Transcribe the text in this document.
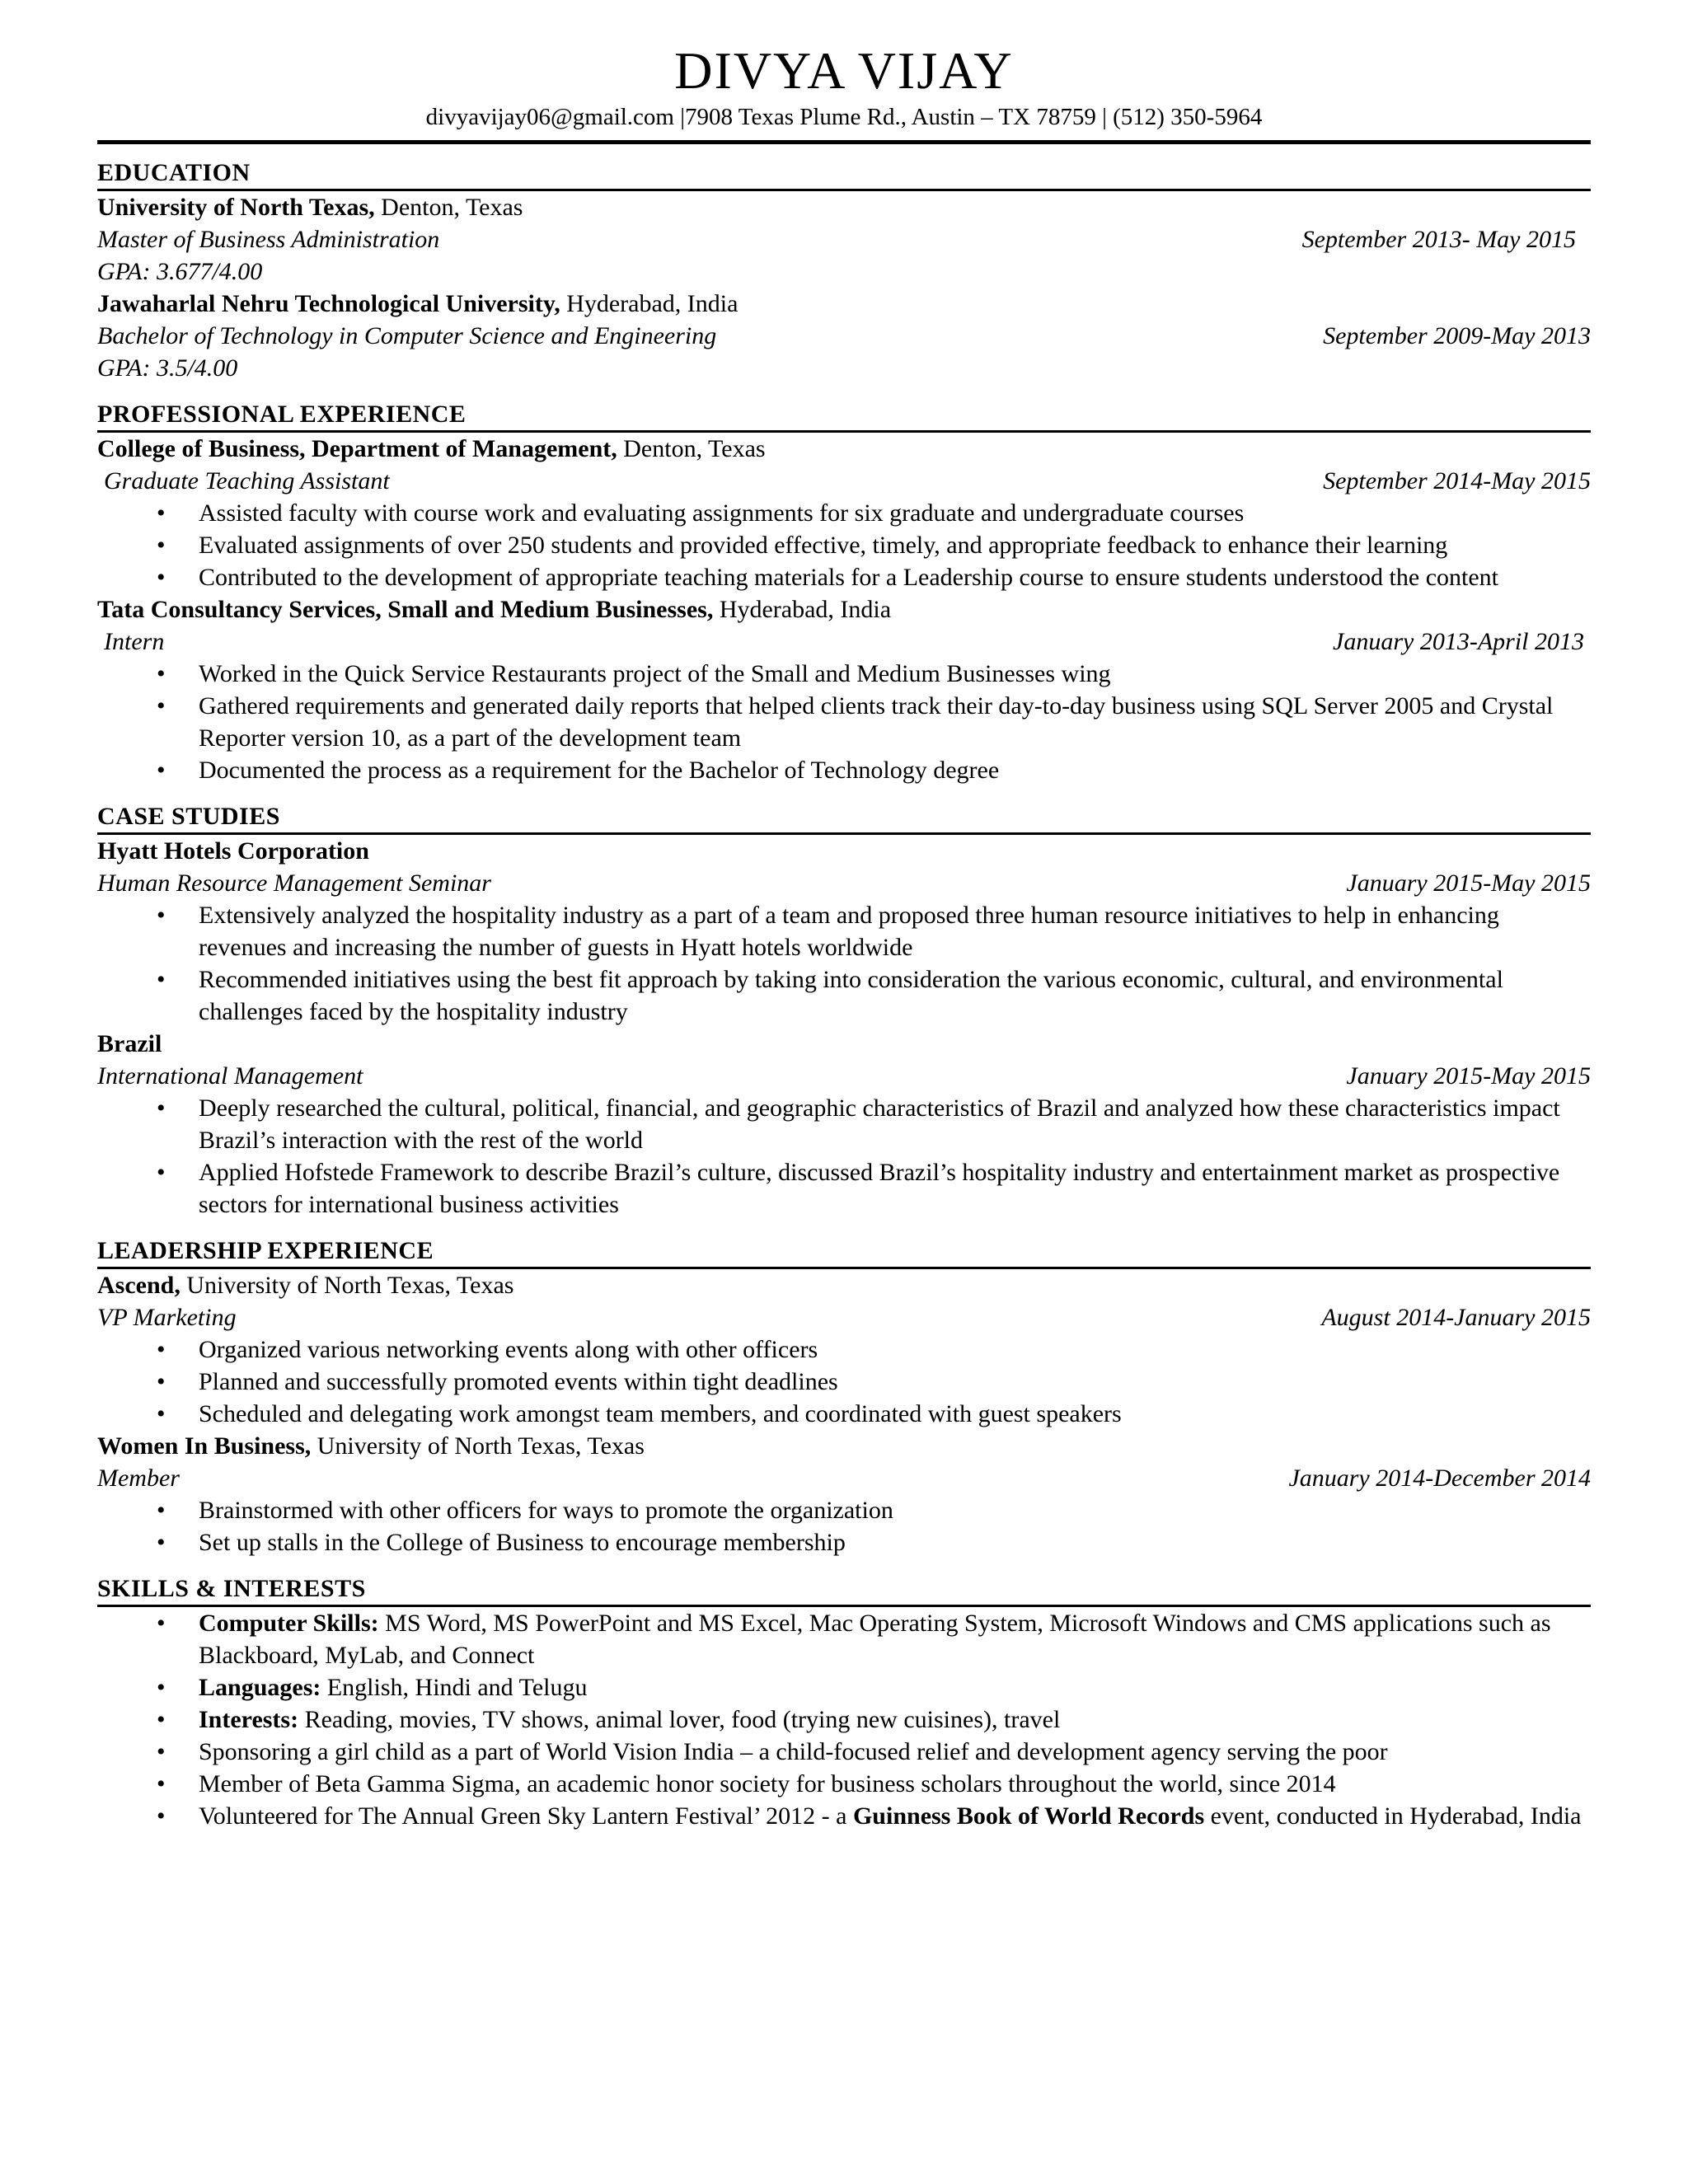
DIVYA VIJAY
divyavijay06@gmail.com |7908 Texas Plume Rd., Austin – TX 78759 | (512) 350-5964
EDUCATION
University of North Texas, Denton, Texas
Master of Business Administration	September 2013- May 2015
GPA: 3.677/4.00
Jawaharlal Nehru Technological University, Hyderabad, India
Bachelor of Technology in Computer Science and Engineering	September 2009-May 2013
GPA: 3.5/4.00
PROFESSIONAL EXPERIENCE
College of Business, Department of Management, Denton, Texas
Graduate Teaching Assistant	September 2014-May 2015
• Assisted faculty with course work and evaluating assignments for six graduate and undergraduate courses
• Evaluated assignments of over 250 students and provided effective, timely, and appropriate feedback to enhance their learning
• Contributed to the development of appropriate teaching materials for a Leadership course to ensure students understood the content
Tata Consultancy Services, Small and Medium Businesses, Hyderabad, India
Intern	January 2013-April 2013
• Worked in the Quick Service Restaurants project of the Small and Medium Businesses wing
• Gathered requirements and generated daily reports that helped clients track their day-to-day business using SQL Server 2005 and Crystal Reporter version 10, as a part of the development team
• Documented the process as a requirement for the Bachelor of Technology degree
CASE STUDIES
Hyatt Hotels Corporation
Human Resource Management Seminar	January 2015-May 2015
• Extensively analyzed the hospitality industry as a part of a team and proposed three human resource initiatives to help in enhancing revenues and increasing the number of guests in Hyatt hotels worldwide
• Recommended initiatives using the best fit approach by taking into consideration the various economic, cultural, and environmental challenges faced by the hospitality industry
Brazil
International Management	January 2015-May 2015
• Deeply researched the cultural, political, financial, and geographic characteristics of Brazil and analyzed how these characteristics impact Brazil’s interaction with the rest of the world
• Applied Hofstede Framework to describe Brazil’s culture, discussed Brazil’s hospitality industry and entertainment market as prospective sectors for international business activities
LEADERSHIP EXPERIENCE
Ascend, University of North Texas, Texas
VP Marketing	August 2014-January 2015
• Organized various networking events along with other officers
• Planned and successfully promoted events within tight deadlines
• Scheduled and delegating work amongst team members, and coordinated with guest speakers
Women In Business, University of North Texas, Texas
Member	January 2014-December 2014
• Brainstormed with other officers for ways to promote the organization
• Set up stalls in the College of Business to encourage membership
SKILLS & INTERESTS
• Computer Skills: MS Word, MS PowerPoint and MS Excel, Mac Operating System, Microsoft Windows and CMS applications such as Blackboard, MyLab, and Connect
• Languages: English, Hindi and Telugu
• Interests: Reading, movies, TV shows, animal lover, food (trying new cuisines), travel
• Sponsoring a girl child as a part of World Vision India – a child-focused relief and development agency serving the poor
• Member of Beta Gamma Sigma, an academic honor society for business scholars throughout the world, since 2014
• Volunteered for The Annual Green Sky Lantern Festival’ 2012 - a Guinness Book of World Records event, conducted in Hyderabad, India
